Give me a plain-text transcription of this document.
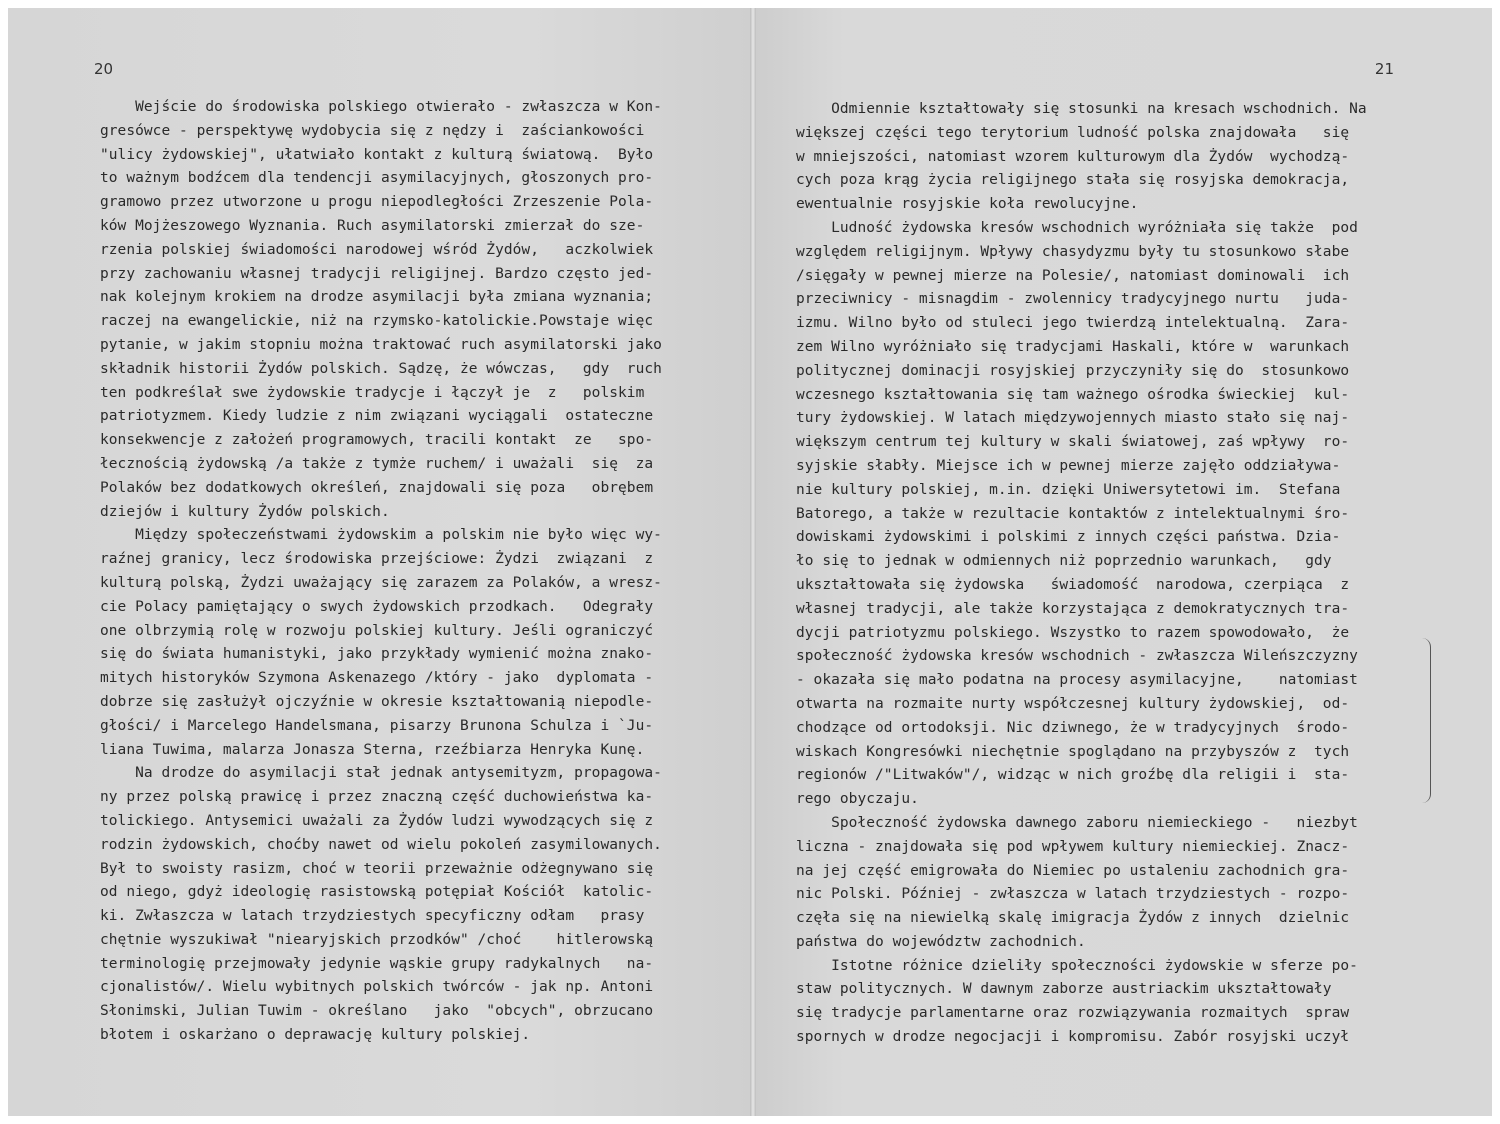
20
Wejście do środowiska polskiego otwierało - zwłaszcza w Kon-
gresówce - perspektywę wydobycia się z nędzy i  zaściankowości
"ulicy żydowskiej", ułatwiało kontakt z kulturą światową.  Było
to ważnym bodźcem dla tendencji asymilacyjnych, głoszonych pro-
gramowo przez utworzone u progu niepodległości Zrzeszenie Pola-
ków Mojżeszowego Wyznania. Ruch asymilatorski zmierzał do sze-
rzenia polskiej świadomości narodowej wśród Żydów,   aczkolwiek
przy zachowaniu własnej tradycji religijnej. Bardzo często jed-
nak kolejnym krokiem na drodze asymilacji była zmiana wyznania;
raczej na ewangelickie, niż na rzymsko-katolickie.Powstaje więc
pytanie, w jakim stopniu można traktować ruch asymilatorski jako
składnik historii Żydów polskich. Sądzę, że wówczas,   gdy  ruch
ten podkreślał swe żydowskie tradycje i łączył je  z   polskim
patriotyzmem. Kiedy ludzie z nim związani wyciągali  ostateczne
konsekwencje z założeń programowych, tracili kontakt  ze   spo-
łecznością żydowską /a także z tymże ruchem/ i uważali  się  za
Polaków bez dodatkowych określeń, znajdowali się poza   obrębem
dziejów i kultury Żydów polskich.
Między społeczeństwami żydowskim a polskim nie było więc wy-
raźnej granicy, lecz środowiska przejściowe: Żydzi  związani  z
kulturą polską, Żydzi uważający się zarazem za Polaków, a wresz-
cie Polacy pamiętający o swych żydowskich przodkach.   Odegrały
one olbrzymią rolę w rozwoju polskiej kultury. Jeśli ograniczyć
się do świata humanistyki, jako przykłady wymienić można znako-
mitych historyków Szymona Askenazego /który - jako  dyplomata -
dobrze się zasłużył ojczyźnie w okresie kształtowanią niepodle-
głości/ i Marcelego Handelsmana, pisarzy Brunona Schulza i `Ju-
liana Tuwima, malarza Jonasza Sterna, rzeźbiarza Henryka Kunę.
Na drodze do asymilacji stał jednak antysemityzm, propagowa-
ny przez polską prawicę i przez znaczną część duchowieństwa ka-
tolickiego. Antysemici uważali za Żydów ludzi wywodzących się z
rodzin żydowskich, choćby nawet od wielu pokoleń zasymilowanych.
Był to swoisty rasizm, choć w teorii przeważnie odżegnywano się
od niego, gdyż ideologię rasistowską potępiał Kościół  katolic-
ki. Zwłaszcza w latach trzydziestych specyficzny odłam   prasy
chętnie wyszukiwał "niearyjskich przodków" /choć    hitlerowską
terminologię przejmowały jedynie wąskie grupy radykalnych   na-
cjonalistów/. Wielu wybitnych polskich twórców - jak np. Antoni
Słonimski, Julian Tuwim - określano   jako  "obcych", obrzucano
błotem i oskarżano o deprawację kultury polskiej.
21
Odmiennie kształtowały się stosunki na kresach wschodnich. Na
większej części tego terytorium ludność polska znajdowała   się
w mniejszości, natomiast wzorem kulturowym dla Żydów  wychodzą-
cych poza krąg życia religijnego stała się rosyjska demokracja,
ewentualnie rosyjskie koła rewolucyjne.
Ludność żydowska kresów wschodnich wyróżniała się także  pod
względem religijnym. Wpływy chasydyzmu były tu stosunkowo słabe
/sięgały w pewnej mierze na Polesie/, natomiast dominowali  ich
przeciwnicy - misnagdim - zwolennicy tradycyjnego nurtu   juda-
izmu. Wilno było od stuleci jego twierdzą intelektualną.  Zara-
zem Wilno wyróżniało się tradycjami Haskali, które w  warunkach
politycznej dominacji rosyjskiej przyczyniły się do  stosunkowo
wczesnego kształtowania się tam ważnego ośrodka świeckiej  kul-
tury żydowskiej. W latach międzywojennych miasto stało się naj-
większym centrum tej kultury w skali światowej, zaś wpływy  ro-
syjskie słabły. Miejsce ich w pewnej mierze zajęło oddziaływa-
nie kultury polskiej, m.in. dzięki Uniwersytetowi im.  Stefana
Batorego, a także w rezultacie kontaktów z intelektualnymi śro-
dowiskami żydowskimi i polskimi z innych części państwa. Dzia-
ło się to jednak w odmiennych niż poprzednio warunkach,   gdy
ukształtowała się żydowska   świadomość  narodowa, czerpiąca  z
własnej tradycji, ale także korzystająca z demokratycznych tra-
dycji patriotyzmu polskiego. Wszystko to razem spowodowało,  że
społeczność żydowska kresów wschodnich - zwłaszcza Wileńszczyzny
- okazała się mało podatna na procesy asymilacyjne,    natomiast
otwarta na rozmaite nurty współczesnej kultury żydowskiej,  od-
chodzące od ortodoksji. Nic dziwnego, że w tradycyjnych  środo-
wiskach Kongresówki niechętnie spoglądano na przybyszów z  tych
regionów /"Litwaków"/, widząc w nich groźbę dla religii i  sta-
rego obyczaju.
Społeczność żydowska dawnego zaboru niemieckiego -   niezbyt
liczna - znajdowała się pod wpływem kultury niemieckiej. Znacz-
na jej część emigrowała do Niemiec po ustaleniu zachodnich gra-
nic Polski. Później - zwłaszcza w latach trzydziestych - rozpo-
częła się na niewielką skalę imigracja Żydów z innych  dzielnic
państwa do województw zachodnich.
Istotne różnice dzieliły społeczności żydowskie w sferze po-
staw politycznych. W dawnym zaborze austriackim ukształtowały
się tradycje parlamentarne oraz rozwiązywania rozmaitych  spraw
spornych w drodze negocjacji i kompromisu. Zabór rosyjski uczył
